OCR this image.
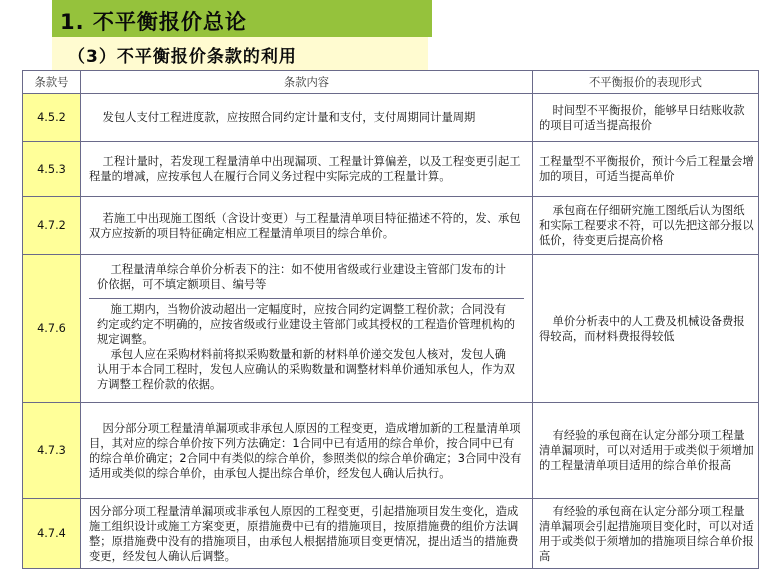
1. 不平衡报价总论
（3）不平衡报价条款的利用
条款号	条款内容	不平衡报价的表现形式
4.5.2	发包人支付工程进度款，应按照合同约定计量和支付，支付周期同计量周期	时间型不平衡报价，能够早日结账收款的项目可适当提高报价

4.5.3	工程计量时，若发现工程量清单中出现漏项、工程量计算偏差，以及工程变更引起工程量的增减，应按承包人在履行合同义务过程中实际完成的工程量计算。	工程量型不平衡报价，预计今后工程量会增加的项目，可适当提高单价
4.7.2	若施工中出现施工图纸（含设计变更）与工程量清单项目特征描述不符的，发、承包双方应按新的项目特征确定相应工程量清单项目的综合单价。	承包商在仔细研究施工图纸后认为图纸和实际工程要求不符，可以先把这部分报以低价，待变更后提高价格

4.7.6	工程量清单综合单价分析表下的注：如不使用省级或行业建设主管部门发布的计价依据，可不填定额项目、编号等
施工期内，当物价波动超出一定幅度时，应按合同约定调整工程价款；合同没有约定或约定不明确的，应按省级或行业建设主管部门或其授权的工程造价管理机构的规定调整。
承包人应在采购材料前将拟采购数量和新的材料单价递交发包人核对，发包人确认用于本合同工程时，发包人应确认的采购数量和调整材料单价通知承包人，作为双方调整工程价款的依据。	单价分析表中的人工费及机械设备费报得较高，而材料费报得较低

4.7.3	因分部分项工程量清单漏项或非承包人原因的工程变更，造成增加新的工程量清单项目，其对应的综合单价按下列方法确定：1合同中已有适用的综合单价，按合同中已有的综合单价确定；2合同中有类似的综合单价，参照类似的综合单价确定；3合同中没有适用或类似的综合单价，由承包人提出综合单价，经发包人确认后执行。	有经验的承包商在认定分部分项工程量清单漏项时，可以对适用于或类似于须增加的工程量清单项目适用的综合单价报高

4.7.4	因分部分项工程量清单漏项或非承包人原因的工程变更，引起措施项目发生变化，造成施工组织设计或施工方案变更，原措施费中已有的措施项目，按原措施费的组价方法调整；原措施费中没有的措施项目，由承包人根据措施项目变更情况，提出适当的措施费变更，经发包人确认后调整。	有经验的承包商在认定分部分项工程量清单漏项会引起措施项目变化时，可以对适用于或类似于须增加的措施项目综合单价报高
